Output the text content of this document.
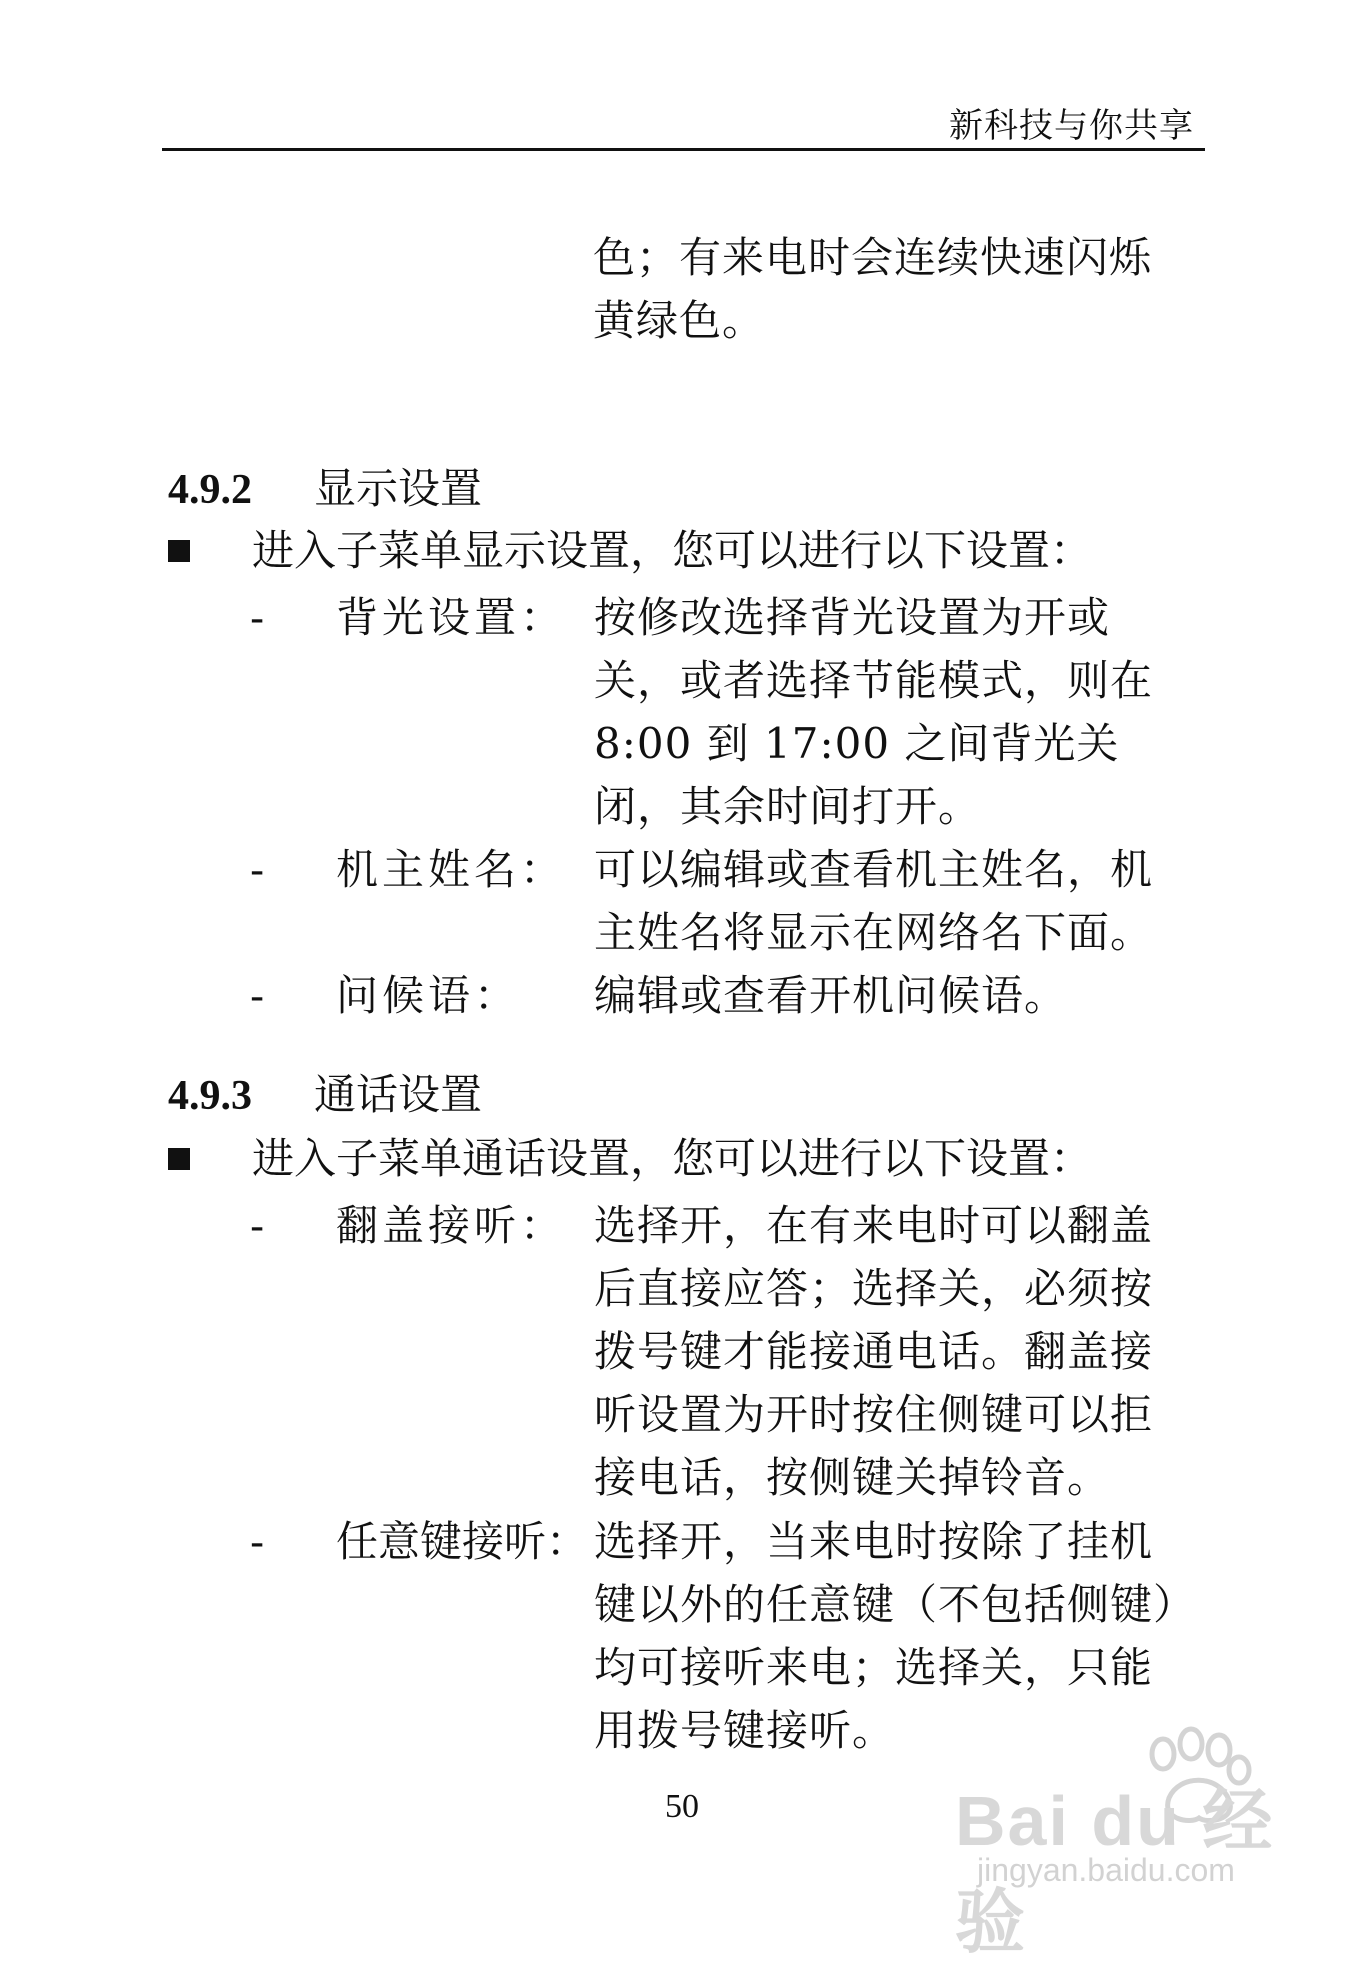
新科技与你共享
色；有来电时会连续快速闪烁黄绿色。
4.9.2 显示设置
进入子菜单显示设置，您可以进行以下设置：
- 背光设置： 按修改选择背光设置为开或关，或者选择节能模式，则在 8:00 到 17:00 之间背光关闭，其余时间打开。
- 机主姓名： 可以编辑或查看机主姓名，机主姓名将显示在网络名下面。
- 问候语： 编辑或查看开机问候语。
4.9.3 通话设置
进入子菜单通话设置，您可以进行以下设置：
- 翻盖接听： 选择开，在有来电时可以翻盖后直接应答；选择关，必须按拨号键才能接通电话。翻盖接听设置为开时按住侧键可以拒接电话，按侧键关掉铃音。
- 任意键接听： 选择开，当来电时按除了挂机键以外的任意键（不包括侧键）均可接听来电；选择关，只能用拨号键接听。
50	Bai du 经验
jingyan.baidu.com
